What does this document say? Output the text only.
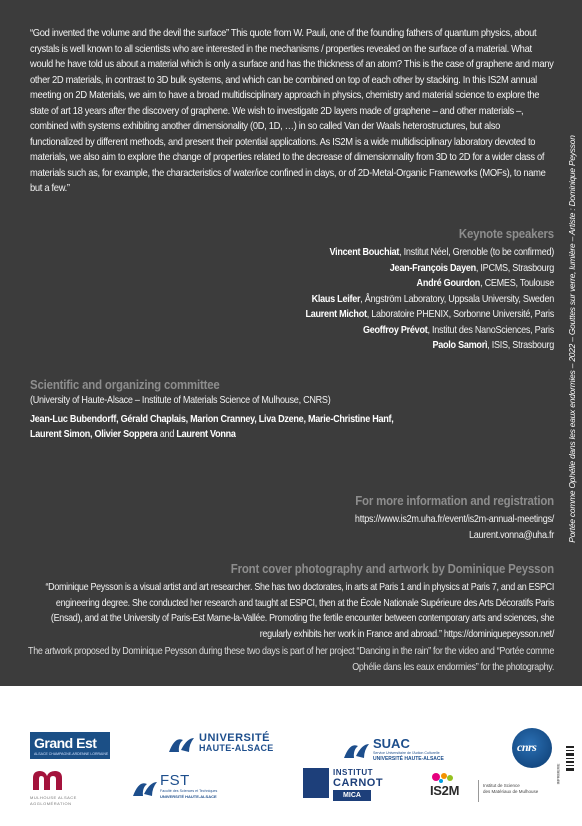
“God invented the volume and the devil the surface” This quote from W. Pauli, one of the founding fathers of quantum physics, about crystals is well known to all scientists who are interested in the mechanisms / properties revealed on the surface of a material. What would he have told us about a material which is only a surface and has the thickness of an atom? This is the case of graphene and many other 2D materials, in contrast to 3D bulk systems, and which can be combined on top of each other by stacking. In this IS2M annual meeting on 2D Materials, we aim to have a broad multidisciplinary approach in physics, chemistry and material science to explore the state of art 18 years after the discovery of graphene. We wish to investigate 2D layers made of graphene – and other materials –, combined with systems exhibiting another dimensionality (0D, 1D, …) in so called Van der Waals heterostructures, but also functionalized by different methods, and present their potential applications. As IS2M is a wide multidisciplinary laboratory devoted to materials, we also aim to explore the change of properties related to the decrease of dimensionnality from 3D to 2D for a wider class of materials such as, for example, the characteristics of water/ice confined in clays, or of 2D-Metal-Organic Frameworks (MOFs), to name but a few.”

Keynote speakers
Vincent Bouchiat, Institut Néel, Grenoble (to be confirmed)
Jean-François Dayen, IPCMS, Strasbourg
André Gourdon, CEMES, Toulouse
Klaus Leifer, Ångström Laboratory, Uppsala University, Sweden
Laurent Michot, Laboratoire PHENIX, Sorbonne Université, Paris
Geoffroy Prévot, Institut des NanoSciences, Paris
Paolo Samorì, ISIS, Strasbourg
Scientific and organizing committee
(University of Haute-Alsace – Institute of Materials Science of Mulhouse, CNRS)
Jean-Luc Bubendorff, Gérald Chaplais, Marion Cranney, Liva Dzene, Marie-Christine Hanf,
Laurent Simon, Olivier Soppera and Laurent Vonna
For more information and registration
https://www.is2m.uha.fr/event/is2m-annual-meetings/
Laurent.vonna@uha.fr
Front cover photography and artwork by Dominique Peysson
“Dominique Peysson is a visual artist and art researcher. She has two doctorates, in arts at Paris 1 and in physics at Paris 7, and an ESPCI engineering degree. She conducted her research and taught at ESPCI, then at the École Nationale Supérieure des Arts Décoratifs Paris (Ensad), and at the University of Paris-Est Marne-la-Vallée. Promoting the fertile encounter between contemporary arts and sciences, she regularly exhibits her work in France and abroad.” https://dominiquepeysson.net/
The artwork proposed by Dominique Peysson during these two days is part of her project “Dancing in the rain” for the video and “Portée comme Ophélie dans les eaux endormies” for the photography.
Portée comme Ophélie dans les eaux endormies – 2022 – Gouttes sur verre, lumière – Artiste : Dominique Peysson
Grand Est
ALSACE CHAMPAGNE-ARDENNE LORRAINE
UNIVERSITÉ
HAUTE-ALSACE	SUAC
Service Universitaire de l'Action Culturelle
UNIVERSITÉ HAUTE-ALSACE
cnrs
MULHOUSE ALSACE
AGGLOMÉRATION
FST
Faculté des Sciences et Techniques
UNIVERSITÉ HAUTE-ALSACE
INSTITUT
CARNOT
MICA	IS2M	Institut de Science
des Matériaux de Mulhouse
IMPRIMERIE
